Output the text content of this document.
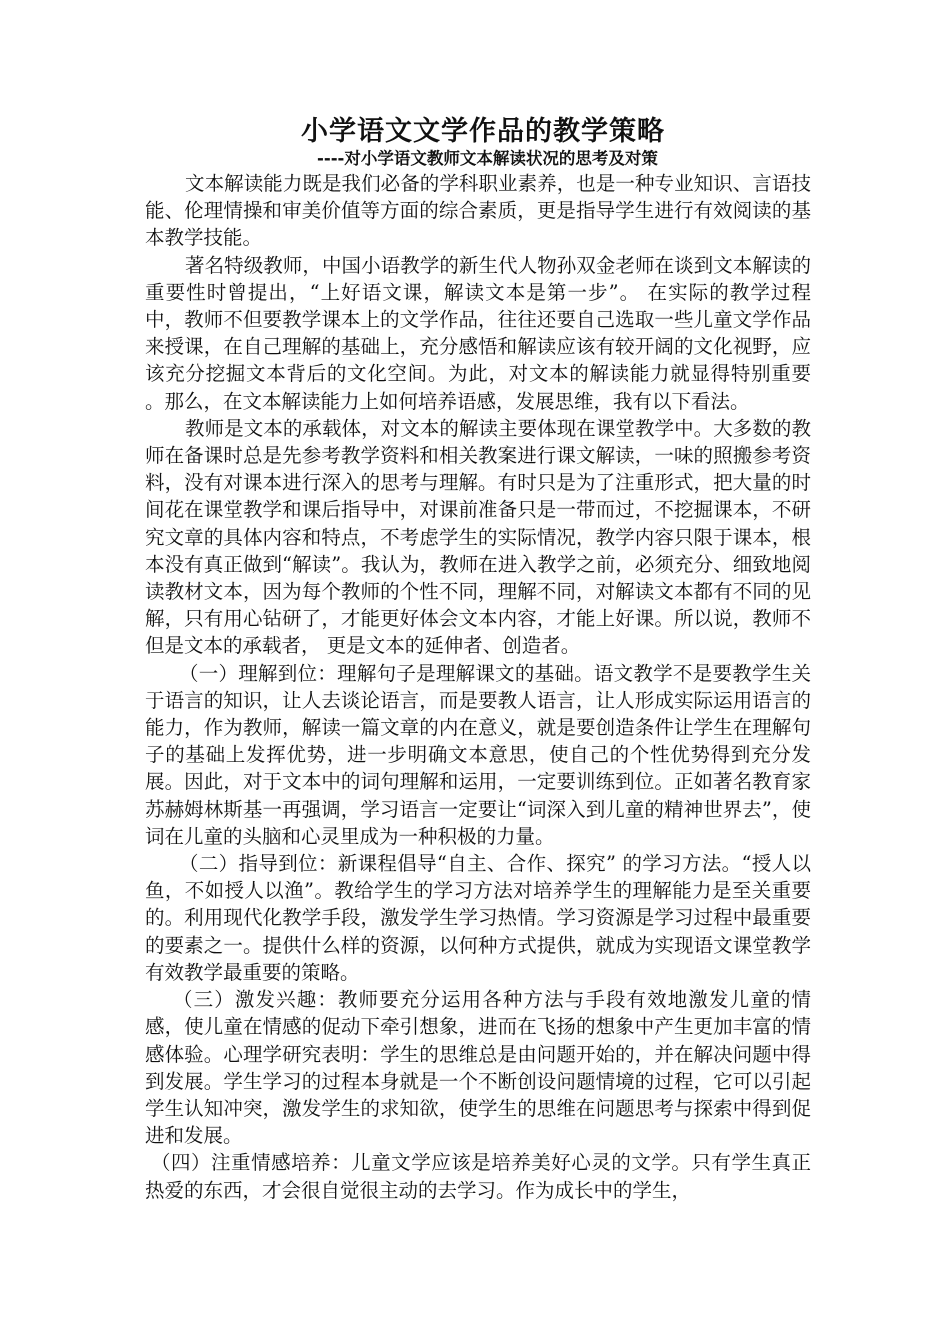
小学语文文学作品的教学策略
----对小学语文教师文本解读状况的思考及对策

文本解读能力既是我们必备的学科职业素养，也是一种专业知识、言语技能、伦理情操和审美价值等方面的综合素质，更是指导学生进行有效阅读的基本教学技能。

著名特级教师，中国小语教学的新生代人物孙双金老师在谈到文本解读的重要性时曾提出，“上好语文课，解读文本是第一步”。 在实际的教学过程中，教师不但要教学课本上的文学作品，往往还要自己选取一些儿童文学作品来授课，在自己理解的基础上，充分感悟和解读应该有较开阔的文化视野，应该充分挖掘文本背后的文化空间。为此，对文本的解读能力就显得特别重要 。那么，在文本解读能力上如何培养语感，发展思维，我有以下看法。

教师是文本的承载体，对文本的解读主要体现在课堂教学中。大多数的教师在备课时总是先参考教学资料和相关教案进行课文解读，一味的照搬参考资料，没有对课本进行深入的思考与理解。有时只是为了注重形式，把大量的时间花在课堂教学和课后指导中，对课前准备只是一带而过，不挖掘课本，不研究文章的具体内容和特点，不考虑学生的实际情况，教学内容只限于课本，根本没有真正做到“解读”。我认为，教师在进入教学之前，必须充分、细致地阅读教材文本，因为每个教师的个性不同，理解不同，对解读文本都有不同的见解，只有用心钻研了，才能更好体会文本内容，才能上好课。所以说，教师不但是文本的承载者， 更是文本的延伸者、创造者。

（一）理解到位：理解句子是理解课文的基础。语文教学不是要教学生关于语言的知识，让人去谈论语言，而是要教人语言，让人形成实际运用语言的能力，作为教师，解读一篇文章的内在意义，就是要创造条件让学生在理解句子的基础上发挥优势，进一步明确文本意思，使自己的个性优势得到充分发展。因此，对于文本中的词句理解和运用，一定要训练到位。正如著名教育家苏赫姆林斯基一再强调，学习语言一定要让“词深入到儿童的精神世界去”，使词在儿童的头脑和心灵里成为一种积极的力量。

（二）指导到位：新课程倡导“自主、合作、探究” 的学习方法。“授人以鱼，不如授人以渔”。教给学生的学习方法对培养学生的理解能力是至关重要的。利用现代化教学手段，激发学生学习热情。学习资源是学习过程中最重要的要素之一。提供什么样的资源，以何种方式提供，就成为实现语文课堂教学有效教学最重要的策略。

（三）激发兴趣：教师要充分运用各种方法与手段有效地激发儿童的情感，使儿童在情感的促动下牵引想象，进而在飞扬的想象中产生更加丰富的情感体验。心理学研究表明：学生的思维总是由问题开始的，并在解决问题中得到发展。学生学习的过程本身就是一个不断创设问题情境的过程，它可以引起学生认知冲突，激发学生的求知欲，使学生的思维在问题思考与探索中得到促进和发展。

（四）注重情感培养：儿童文学应该是培养美好心灵的文学。只有学生真正热爱的东西，才会很自觉很主动的去学习。作为成长中的学生，
